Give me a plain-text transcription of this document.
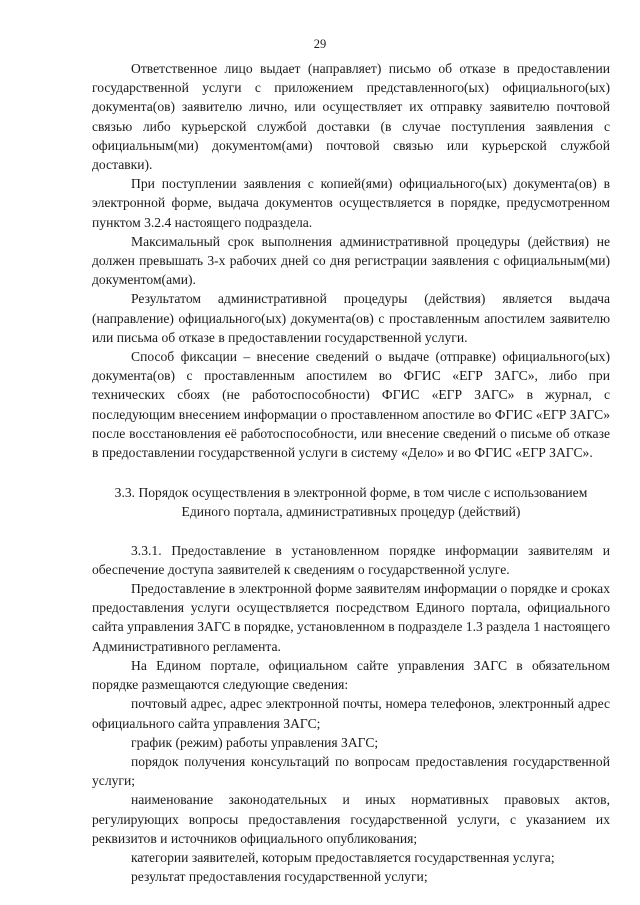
29

Ответственное лицо выдает (направляет) письмо об отказе в предоставлении государственной услуги с приложением представленного(ых) официального(ых) документа(ов) заявителю лично, или осуществляет их отправку заявителю почтовой связью либо курьерской службой доставки (в случае поступления заявления с официальным(ми) документом(ами) почтовой связью или курьерской службой доставки).

При поступлении заявления с копией(ями) официального(ых) документа(ов) в электронной форме, выдача документов осуществляется в порядке, предусмотренном пунктом 3.2.4 настоящего подраздела.

Максимальный срок выполнения административной процедуры (действия) не должен превышать 3-х рабочих дней со дня регистрации заявления с официальным(ми) документом(ами).

Результатом административной процедуры (действия) является выдача (направление) официального(ых) документа(ов) с проставленным апостилем заявителю или письма об отказе в предоставлении государственной услуги.

Способ фиксации – внесение сведений о выдаче (отправке) официального(ых) документа(ов) с проставленным апостилем во ФГИС «ЕГР ЗАГС», либо при технических сбоях (не работоспособности) ФГИС «ЕГР ЗАГС» в журнал, с последующим внесением информации о проставленном апостиле во ФГИС «ЕГР ЗАГС» после восстановления её работоспособности, или внесение сведений о письме об отказе в предоставлении государственной услуги в систему «Дело» и во ФГИС «ЕГР ЗАГС».

3.3. Порядок осуществления в электронной форме, в том числе с использованием Единого портала, административных процедур (действий)

3.3.1. Предоставление в установленном порядке информации заявителям и обеспечение доступа заявителей к сведениям о государственной услуге.

Предоставление в электронной форме заявителям информации о порядке и сроках предоставления услуги осуществляется посредством Единого портала, официального сайта управления ЗАГС в порядке, установленном в подразделе 1.3 раздела 1 настоящего Административного регламента.

На Едином портале, официальном сайте управления ЗАГС в обязательном порядке размещаются следующие сведения:

почтовый адрес, адрес электронной почты, номера телефонов, электронный адрес официального сайта управления ЗАГС;

график (режим) работы управления ЗАГС;

порядок получения консультаций по вопросам предоставления государственной услуги;

наименование законодательных и иных нормативных правовых актов, регулирующих вопросы предоставления государственной услуги, с указанием их реквизитов и источников официального опубликования;

категории заявителей, которым предоставляется государственная услуга;

результат предоставления государственной услуги;
